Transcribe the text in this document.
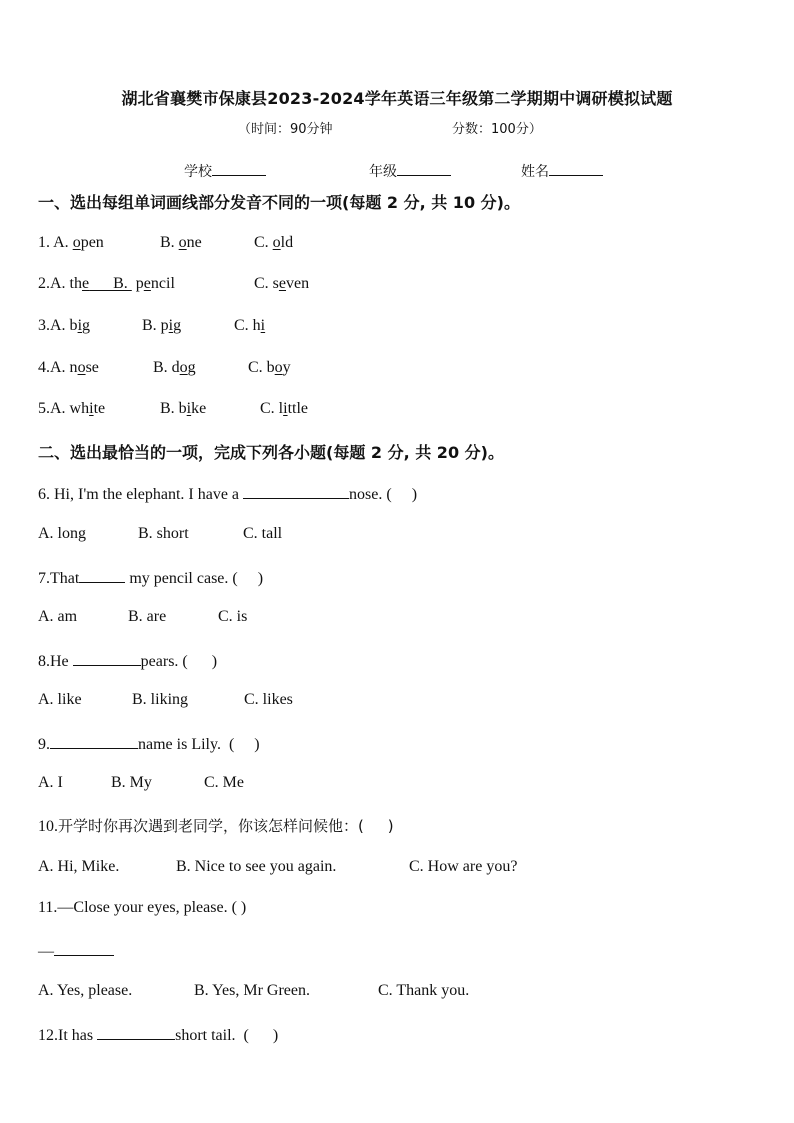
湖北省襄樊市保康县2023-2024学年英语三年级第二学期期中调研模拟试题
（时间：90分钟	分数：100分）
学校	年级	姓名
一、选出每组单词画线部分发音不同的一项(每题 2 分, 共 10 分)。
1. A. open	B. one	C. old
2.A. the      B.  pencil	C. seven
3.A. big	B. pig	C. hi
4.A. nose	B. dog	C. boy
5.A. white	B. bike	C. little
二、选出最恰当的一项，完成下列各小题(每题 2 分, 共 20 分)。
6. Hi, I'm the elephant. I have a	nose. (     )
A. long	B. short	C. tall
7.That	my pencil case. (     )
A. am	B. are	C. is
8.He	pears. (      )
A. like	B. liking	C. likes
9.	name is Lily.  (     )
A. I	B. My	C. Me
10.开学时你再次遇到老同学，你该怎样问候他：(     )
A. Hi, Mike.	B. Nice to see you again.	C. How are you?
11.—Close your eyes, please. ( )
—
A. Yes, please.	B. Yes, Mr Green.	C. Thank you.
12.It has	short tail.  (      )
